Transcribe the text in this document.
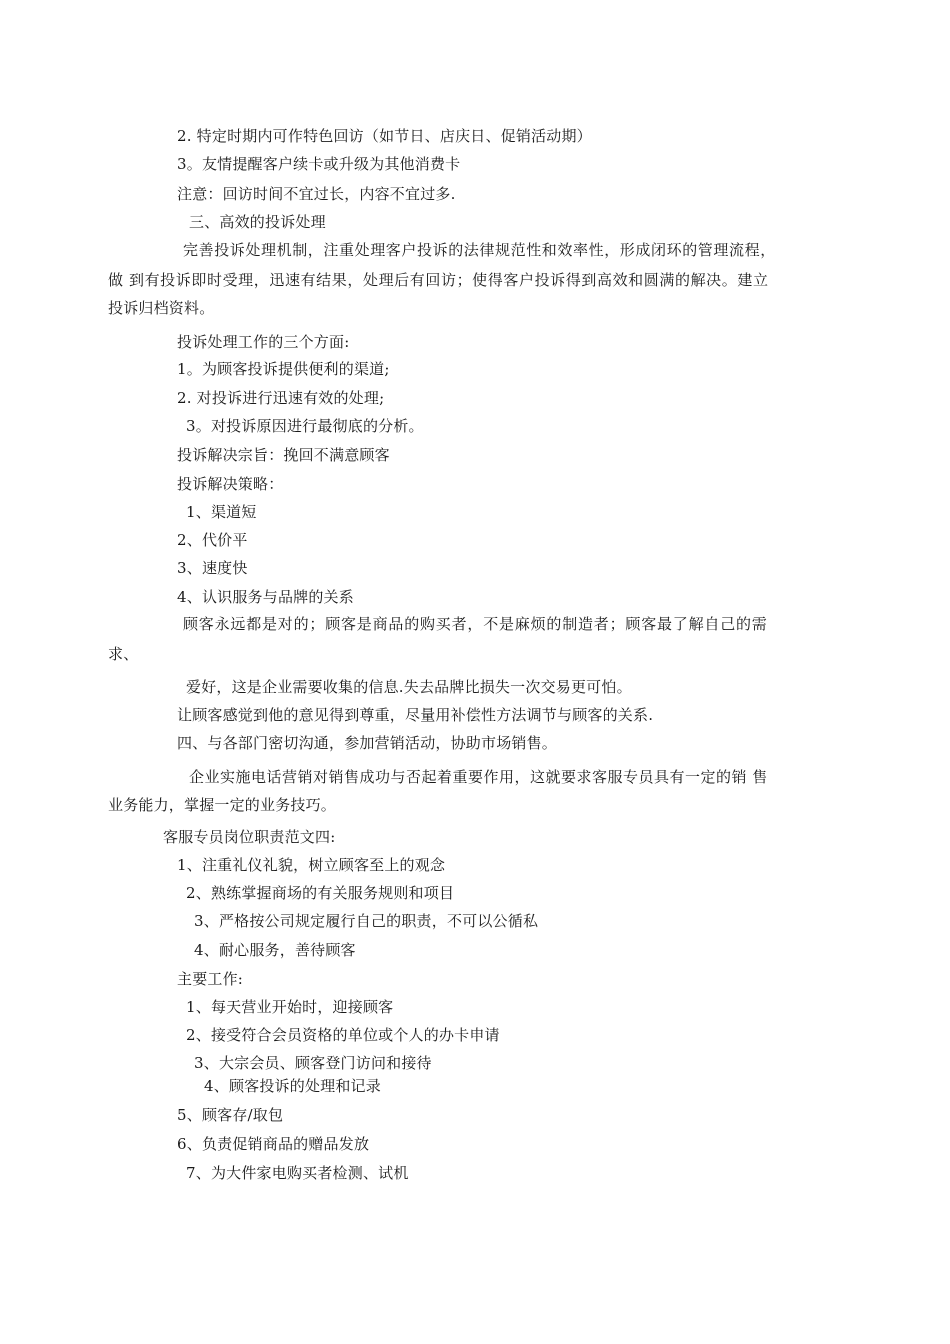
2. 特定时期内可作特色回访（如节日、店庆日、促销活动期）
3。友情提醒客户续卡或升级为其他消费卡
注意：回访时间不宜过长，内容不宜过多.
三、高效的投诉处理
完善投诉处理机制，注重处理客户投诉的法律规范性和效率性，形成闭环的管理流程，
做 到有投诉即时受理，迅速有结果，处理后有回访；使得客户投诉得到高效和圆满的解决。建立
投诉归档资料。
投诉处理工作的三个方面:
1。为顾客投诉提供便利的渠道;
2. 对投诉进行迅速有效的处理;
3。对投诉原因进行最彻底的分析。
投诉解决宗旨：挽回不满意顾客
投诉解决策略：
1、渠道短
2、代价平
3、速度快
4、认识服务与品牌的关系
顾客永远都是对的；顾客是商品的购买者，不是麻烦的制造者；顾客最了解自己的需
求、
爱好，这是企业需要收集的信息.失去品牌比损失一次交易更可怕。
让顾客感觉到他的意见得到尊重，尽量用补偿性方法调节与顾客的关系.
四、与各部门密切沟通，参加营销活动，协助市场销售。
企业实施电话营销对销售成功与否起着重要作用，这就要求客服专员具有一定的销 售
业务能力，掌握一定的业务技巧。
客服专员岗位职责范文四:
1、注重礼仪礼貌，树立顾客至上的观念
2、熟练掌握商场的有关服务规则和项目
3、严格按公司规定履行自己的职责，不可以公循私
4、耐心服务，善待顾客
主要工作:
1、每天营业开始时，迎接顾客
2、接受符合会员资格的单位或个人的办卡申请
3、大宗会员、顾客登门访问和接待
4、顾客投诉的处理和记录
5、顾客存/取包
6、负责促销商品的赠品发放
7、为大件家电购买者检测、试机
